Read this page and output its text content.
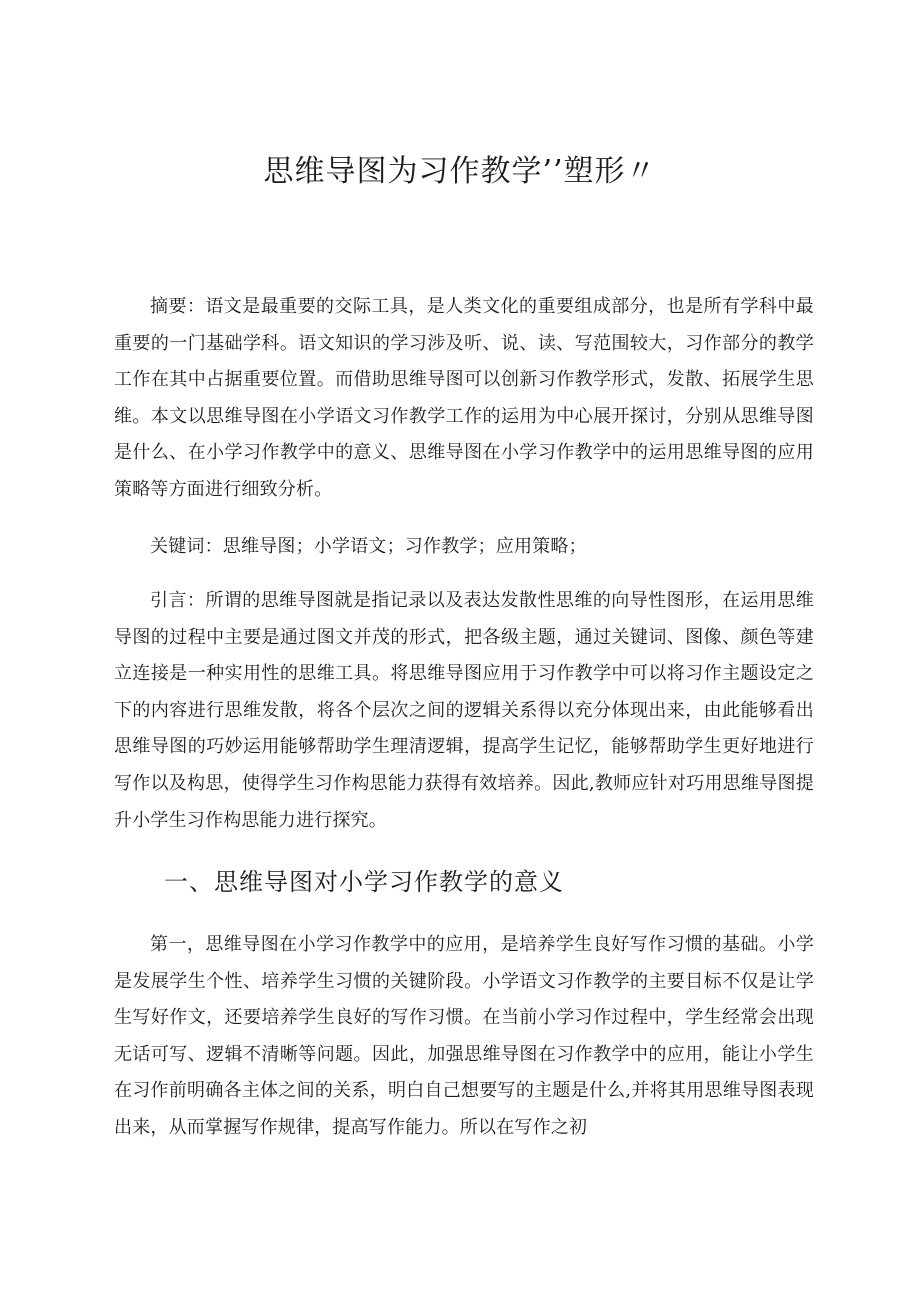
思维导图为习作教学’’塑形〃

摘要：语文是最重要的交际工具，是人类文化的重要组成部分，也是所有学科中最重要的一门基础学科。语文知识的学习涉及听、说、读、写范围较大，习作部分的教学工作在其中占据重要位置。而借助思维导图可以创新习作教学形式，发散、拓展学生思维。本文以思维导图在小学语文习作教学工作的运用为中心展开探讨，分别从思维导图是什么、在小学习作教学中的意义、思维导图在小学习作教学中的运用思维导图的应用策略等方面进行细致分析。

关键词：思维导图；小学语文；习作教学；应用策略；

引言：所谓的思维导图就是指记录以及表达发散性思维的向导性图形，在运用思维导图的过程中主要是通过图文并茂的形式，把各级主题，通过关键词、图像、颜色等建立连接是一种实用性的思维工具。将思维导图应用于习作教学中可以将习作主题设定之下的内容进行思维发散，将各个层次之间的逻辑关系得以充分体现出来，由此能够看出思维导图的巧妙运用能够帮助学生理清逻辑，提高学生记忆，能够帮助学生更好地进行写作以及构思，使得学生习作构思能力获得有效培养。因此,教师应针对巧用思维导图提升小学生习作构思能力进行探究。

一、思维导图对小学习作教学的意义

第一，思维导图在小学习作教学中的应用，是培养学生良好写作习惯的基础。小学是发展学生个性、培养学生习惯的关键阶段。小学语文习作教学的主要目标不仅是让学生写好作文，还要培养学生良好的写作习惯。在当前小学习作过程中，学生经常会出现无话可写、逻辑不清晰等问题。因此，加强思维导图在习作教学中的应用，能让小学生在习作前明确各主体之间的关系，明白自己想要写的主题是什么,并将其用思维导图表现出来，从而掌握写作规律，提高写作能力。所以在写作之初
